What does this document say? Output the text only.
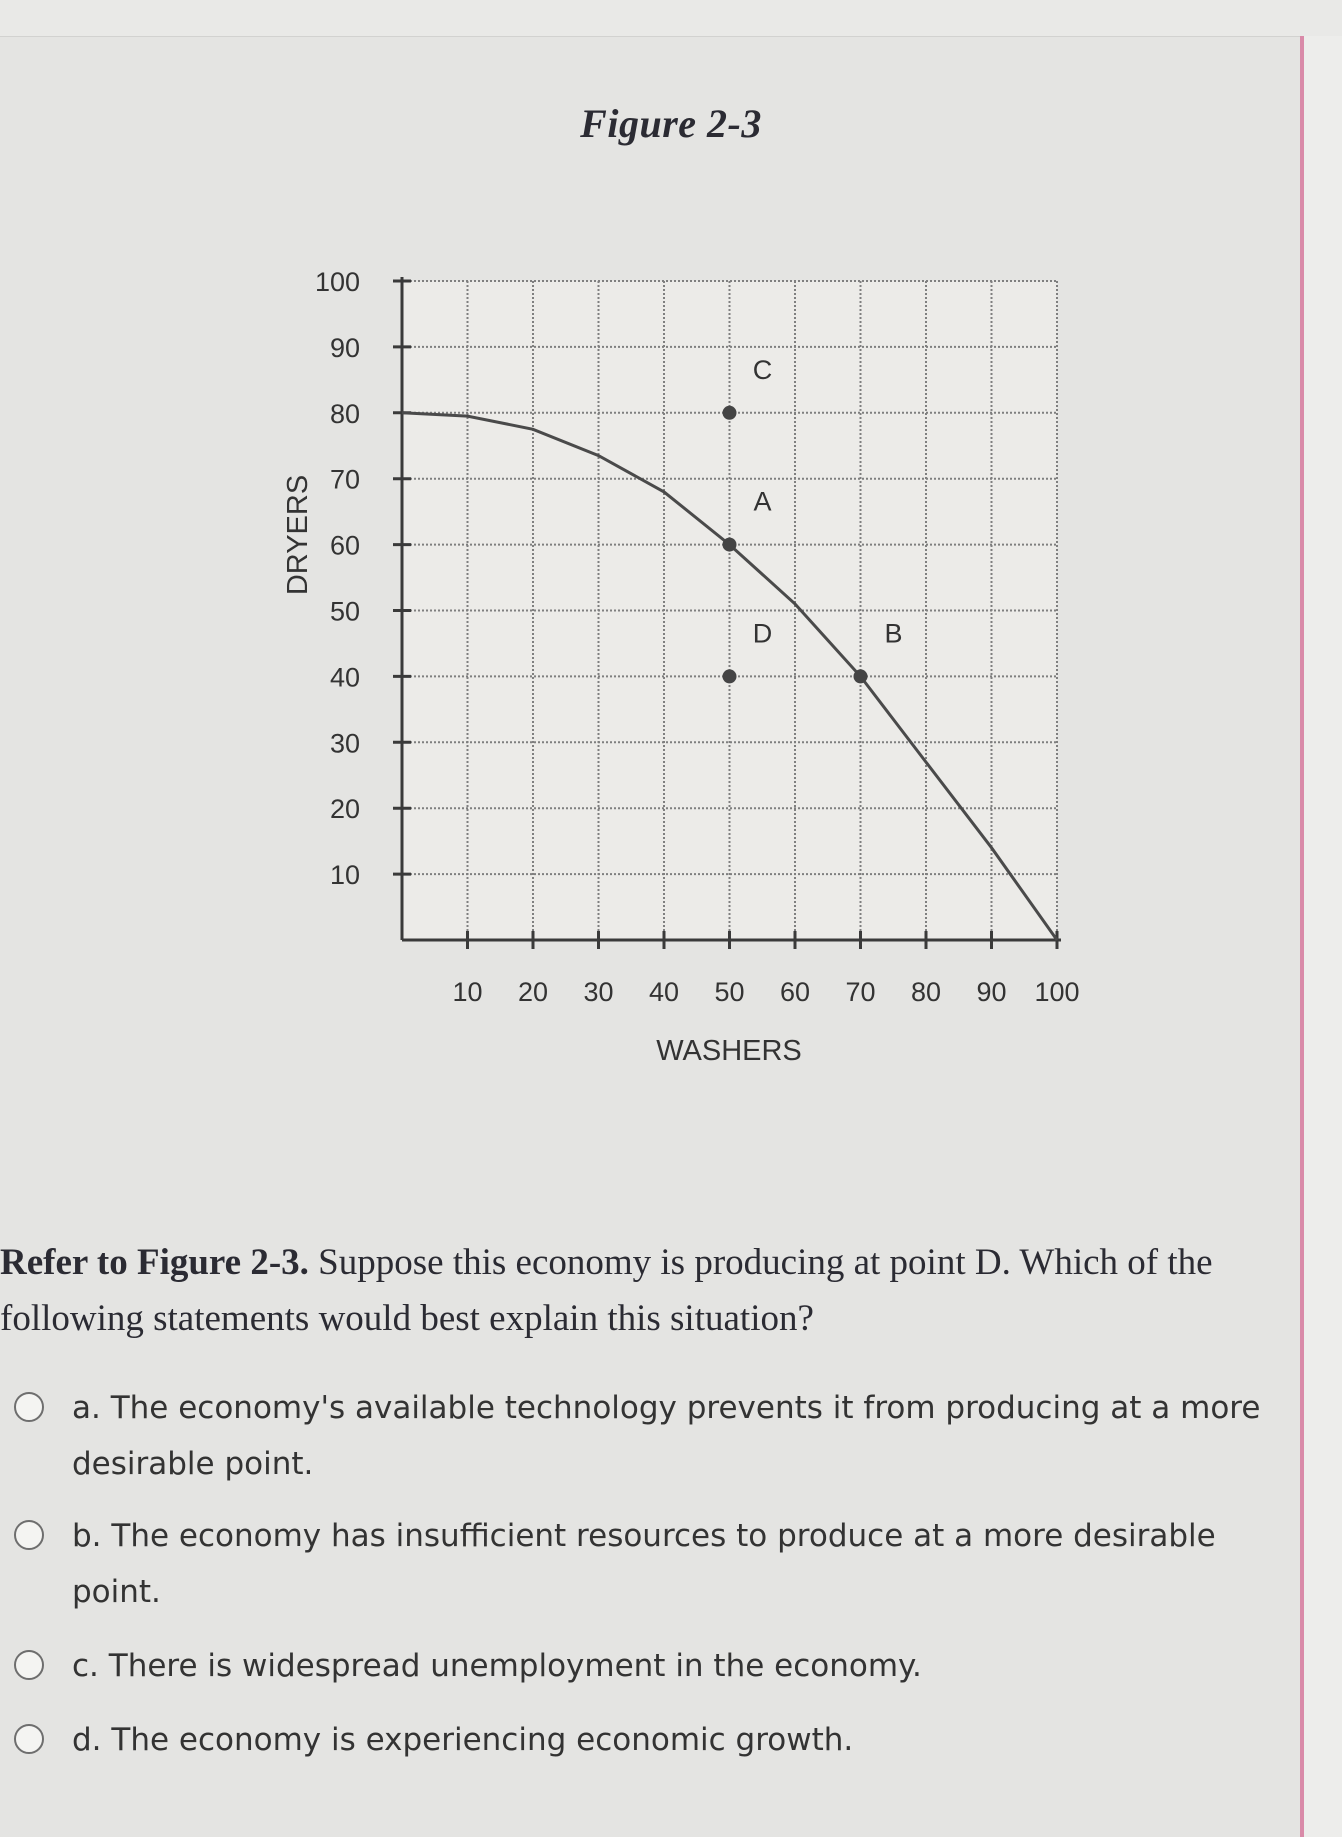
Figure 2-3
10
20
30
40
50
60
70
80
90
100
10 20 30 40 50 60 70 80 90 100
C
A
D	B
WASHERS
DRYERS
Refer to Figure 2-3. Suppose this economy is producing at point D. Which of the following statements would best explain this situation?
a. The economy's available technology prevents it from producing at a more desirable point.
b. The economy has insufficient resources to produce at a more desirable point.
c. There is widespread unemployment in the economy.
d. The economy is experiencing economic growth.
